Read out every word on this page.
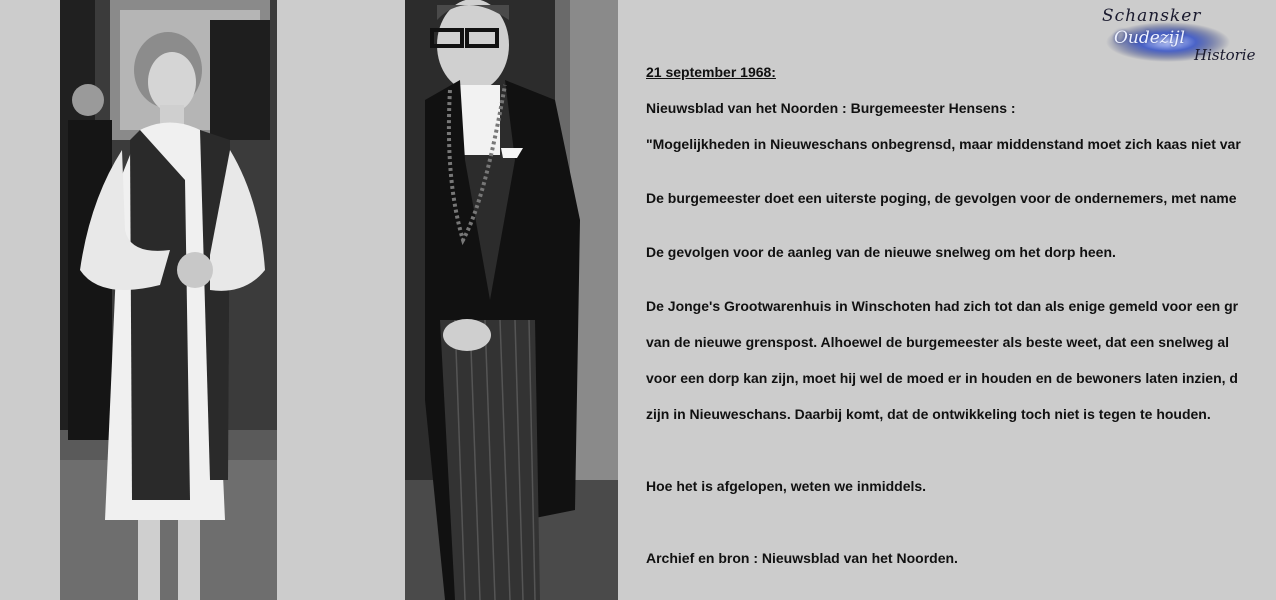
Schansker
Oudezijl
Historie

21 september 1968:

Nieuwsblad van het Noorden : Burgemeester Hensens :

"Mogelijkheden in Nieuweschans onbegrensd, maar middenstand moet zich kaas niet var

De burgemeester doet een uiterste poging, de gevolgen voor de ondernemers, met name

De gevolgen voor de aanleg van de nieuwe snelweg om het dorp heen.

De Jonge's Grootwarenhuis in Winschoten had zich tot dan als enige gemeld voor een gr

van de nieuwe grenspost. Alhoewel de burgemeester als beste weet, dat een snelweg al

voor een dorp kan zijn, moet hij wel de moed er in houden en de bewoners laten inzien, d

zijn in Nieuweschans. Daarbij komt, dat de ontwikkeling toch niet is tegen te houden.

Hoe het is afgelopen, weten we inmiddels.

Archief en bron : Nieuwsblad van het Noorden.
